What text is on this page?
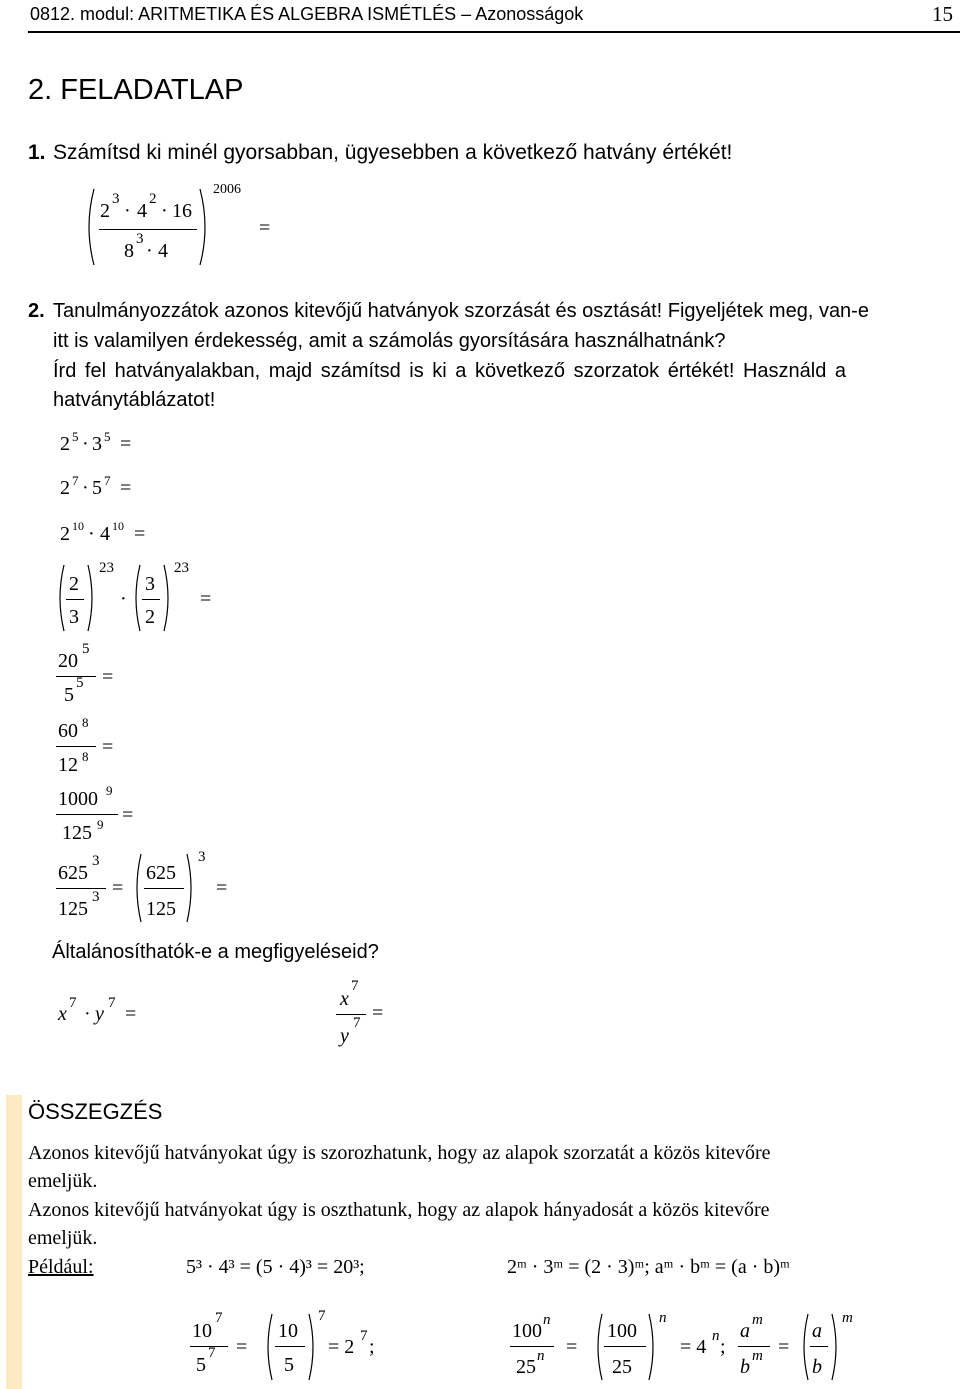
0812. modul: ARITMETIKA ÉS ALGEBRA ISMÉTLÉS – Azonosságok	15
2. FELADATLAP
1. Számítsd ki minél gyorsabban, ügyesebben a következő hatvány értékét!
2
3
· 4
2
· 16
8
3
· 4
2006
=
2. Tanulmányozzátok azonos kitevőjű hatványok szorzását és osztását! Figyeljétek meg, van-e
itt is valamilyen érdekesség, amit a számolás gyorsítására használhatnánk?
Írd fel hatványalakban, majd számítsd is ki a következő szorzatok értékét! Használd a
hatványtáblázatot!
2 5 · 3 5 =
2 7 · 5 7 =
2 10 · 4 10 =
2
3
23
·
3
2
23
=
20
5
5
5 =
60 8
12 8 =
1000 9
125 9 =
625
3
125
3 =
625
125
3
=
Általánosíthatók-e a megfigyeléseid?
x 7 · y 7 =
x
7
y
7 =
ÖSSZEGZÉS
Azonos kitevőjű hatványokat úgy is szorozhatunk, hogy az alapok szorzatát a közös kitevőre
emeljük.
Azonos kitevőjű hatványokat úgy is oszthatunk, hogy az alapok hányadosát a közös kitevőre
emeljük.
Például:	5³ · 4³ = (5 · 4)³ = 20³;	2ᵐ · 3ᵐ = (2 · 3)ᵐ; aᵐ · bᵐ = (a · b)ᵐ
10
7
5
7 =
10
5
7
= 2 7 ;
100 n
25 n =
100
25
n
= 4 n ;
a m
b m =
a
b
m
